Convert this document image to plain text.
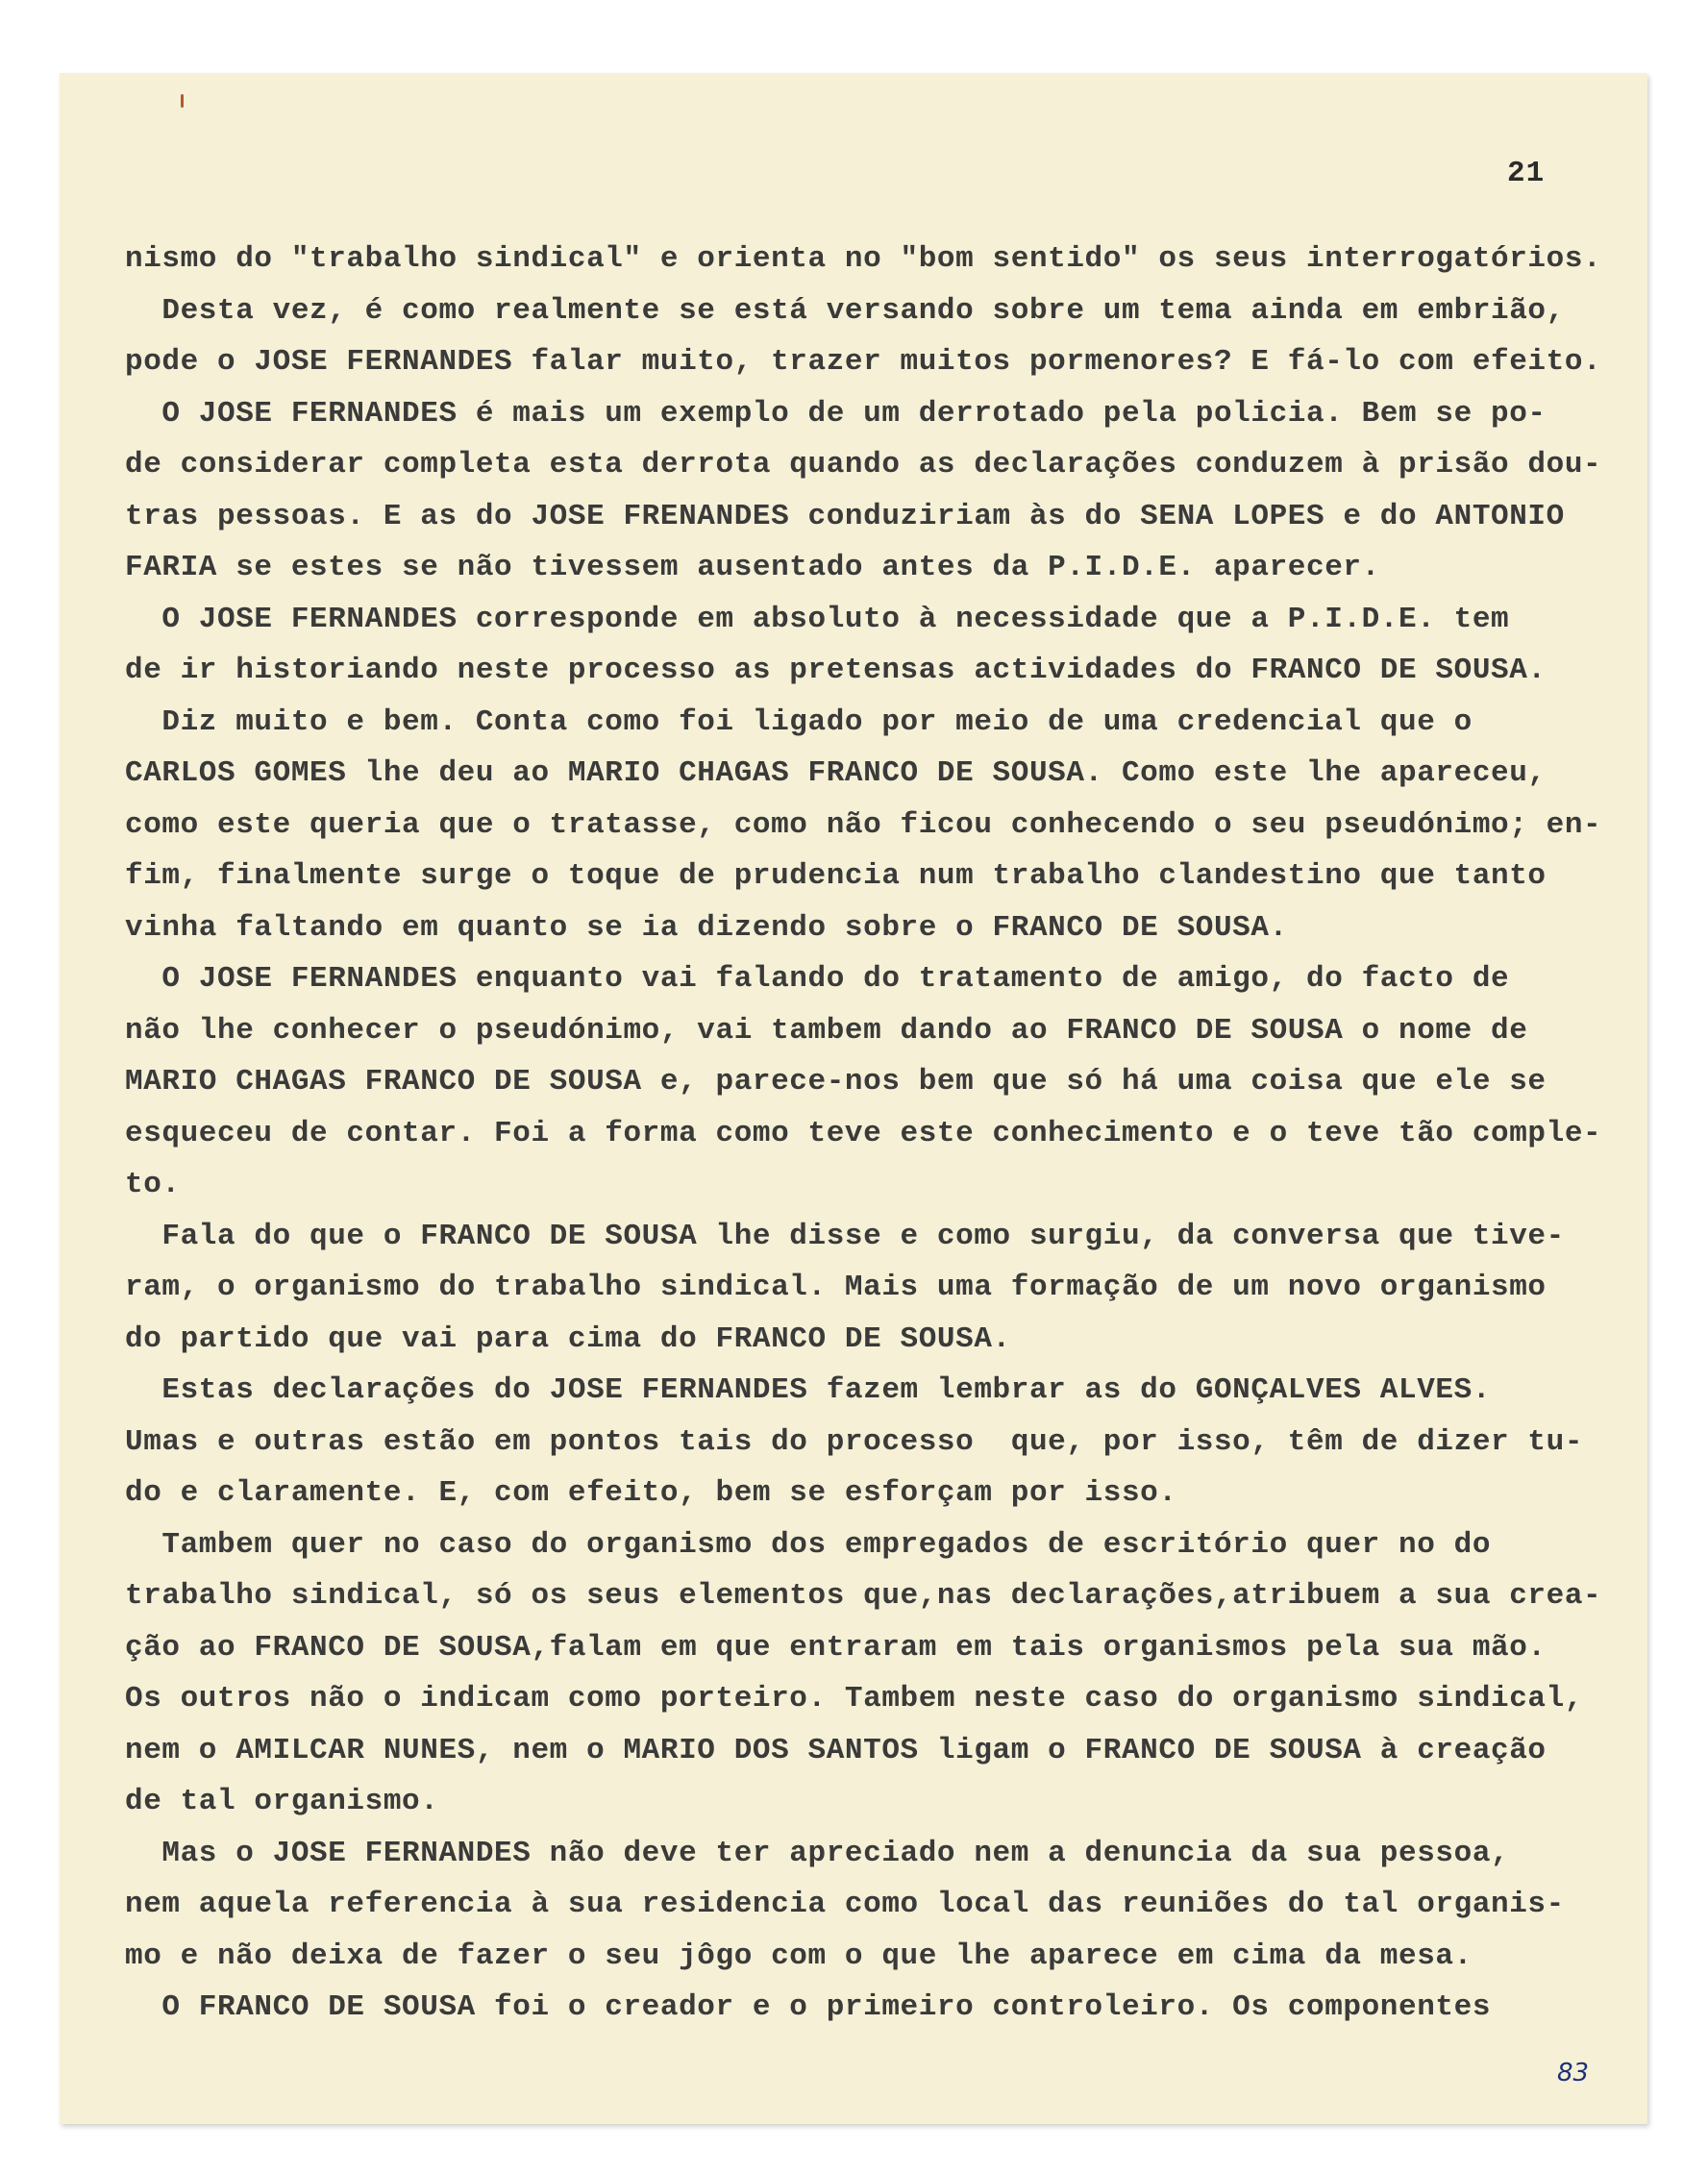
21
nismo do "trabalho sindical" e orienta no "bom sentido" os seus interrogatórios.
Desta vez, é como realmente se está versando sobre um tema ainda em embrião,
pode o JOSE FERNANDES falar muito, trazer muitos pormenores? E fá-lo com efeito.
O JOSE FERNANDES é mais um exemplo de um derrotado pela policia. Bem se po-
de considerar completa esta derrota quando as declarações conduzem à prisão dou-
tras pessoas. E as do JOSE FRENANDES conduziriam às do SENA LOPES e do ANTONIO
FARIA se estes se não tivessem ausentado antes da P.I.D.E. aparecer.
O JOSE FERNANDES corresponde em absoluto à necessidade que a P.I.D.E. tem
de ir historiando neste processo as pretensas actividades do FRANCO DE SOUSA.
Diz muito e bem. Conta como foi ligado por meio de uma credencial que o
CARLOS GOMES lhe deu ao MARIO CHAGAS FRANCO DE SOUSA. Como este lhe apareceu,
como este queria que o tratasse, como não ficou conhecendo o seu pseudónimo; en-
fim, finalmente surge o toque de prudencia num trabalho clandestino que tanto
vinha faltando em quanto se ia dizendo sobre o FRANCO DE SOUSA.
O JOSE FERNANDES enquanto vai falando do tratamento de amigo, do facto de
não lhe conhecer o pseudónimo, vai tambem dando ao FRANCO DE SOUSA o nome de
MARIO CHAGAS FRANCO DE SOUSA e, parece-nos bem que só há uma coisa que ele se
esqueceu de contar. Foi a forma como teve este conhecimento e o teve tão comple-
to.
Fala do que o FRANCO DE SOUSA lhe disse e como surgiu, da conversa que tive-
ram, o organismo do trabalho sindical. Mais uma formação de um novo organismo
do partido que vai para cima do FRANCO DE SOUSA.
Estas declarações do JOSE FERNANDES fazem lembrar as do GONÇALVES ALVES.
Umas e outras estão em pontos tais do processo  que, por isso, têm de dizer tu-
do e claramente. E, com efeito, bem se esforçam por isso.
Tambem quer no caso do organismo dos empregados de escritório quer no do
trabalho sindical, só os seus elementos que,nas declarações,atribuem a sua crea-
ção ao FRANCO DE SOUSA,falam em que entraram em tais organismos pela sua mão.
Os outros não o indicam como porteiro. Tambem neste caso do organismo sindical,
nem o AMILCAR NUNES, nem o MARIO DOS SANTOS ligam o FRANCO DE SOUSA à creação
de tal organismo.
Mas o JOSE FERNANDES não deve ter apreciado nem a denuncia da sua pessoa,
nem aquela referencia à sua residencia como local das reuniões do tal organis-
mo e não deixa de fazer o seu jôgo com o que lhe aparece em cima da mesa.
O FRANCO DE SOUSA foi o creador e o primeiro controleiro. Os componentes
83
